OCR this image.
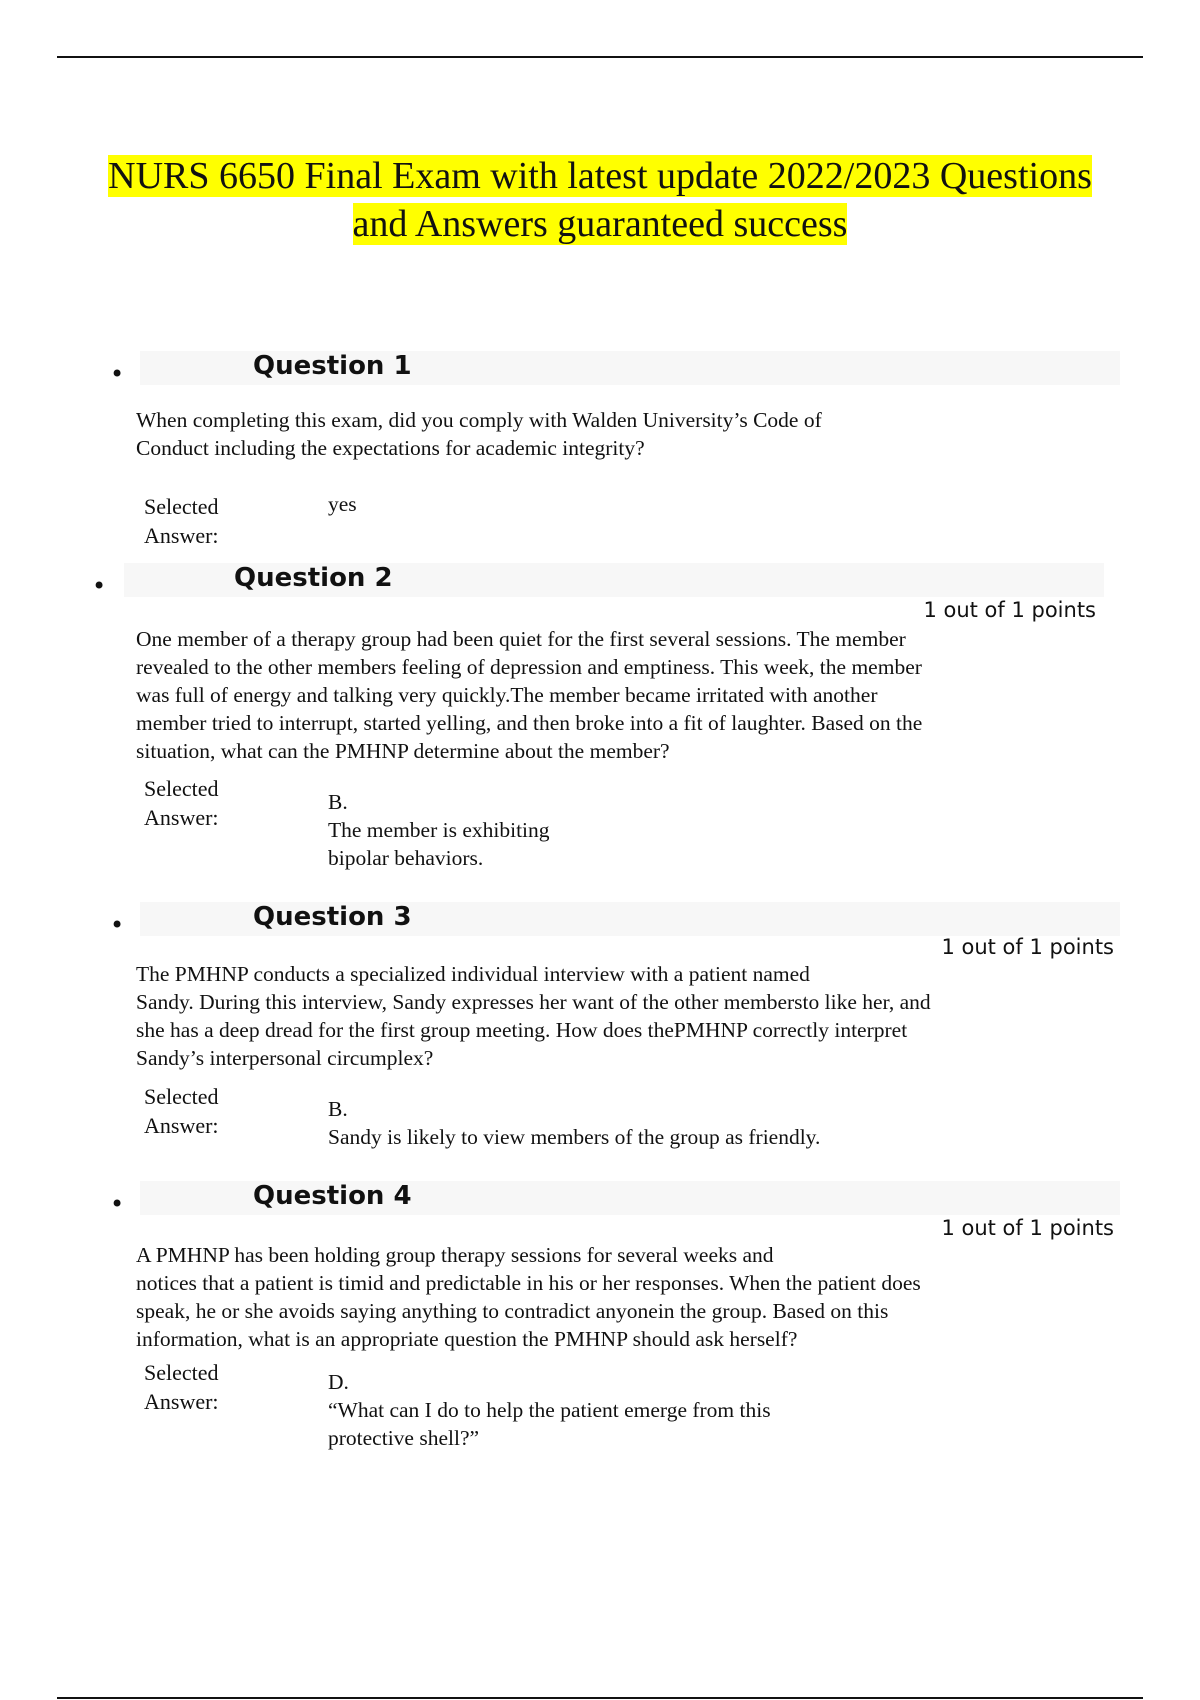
NURS 6650 Final Exam with latest update 2022/2023 Questions
and Answers guaranteed success
•	Question 1
When completing this exam, did you comply with Walden University’s Code of
Conduct including the expectations for academic integrity?
Selected
Answer:
yes
•	Question 2
1 out of 1 points
One member of a therapy group had been quiet for the first several sessions. The member
revealed to the other members feeling of depression and emptiness. This week, the member
was full of energy and talking very quickly.The member became irritated with another
member tried to interrupt, started yelling, and then broke into a fit of laughter. Based on the
situation, what can the PMHNP determine about the member?
Selected
Answer:
B.
The member is exhibiting
bipolar behaviors.
•	Question 3
1 out of 1 points
The PMHNP conducts a specialized individual interview with a patient named
Sandy. During this interview, Sandy expresses her want of the other membersto like her, and
she has a deep dread for the first group meeting. How does thePMHNP correctly interpret
Sandy’s interpersonal circumplex?
Selected
Answer:
B.
Sandy is likely to view members of the group as friendly.
•	Question 4
1 out of 1 points
A PMHNP has been holding group therapy sessions for several weeks and
notices that a patient is timid and predictable in his or her responses. When the patient does
speak, he or she avoids saying anything to contradict anyonein the group. Based on this
information, what is an appropriate question the PMHNP should ask herself?
Selected
Answer:
D.
“What can I do to help the patient emerge from this
protective shell?”
